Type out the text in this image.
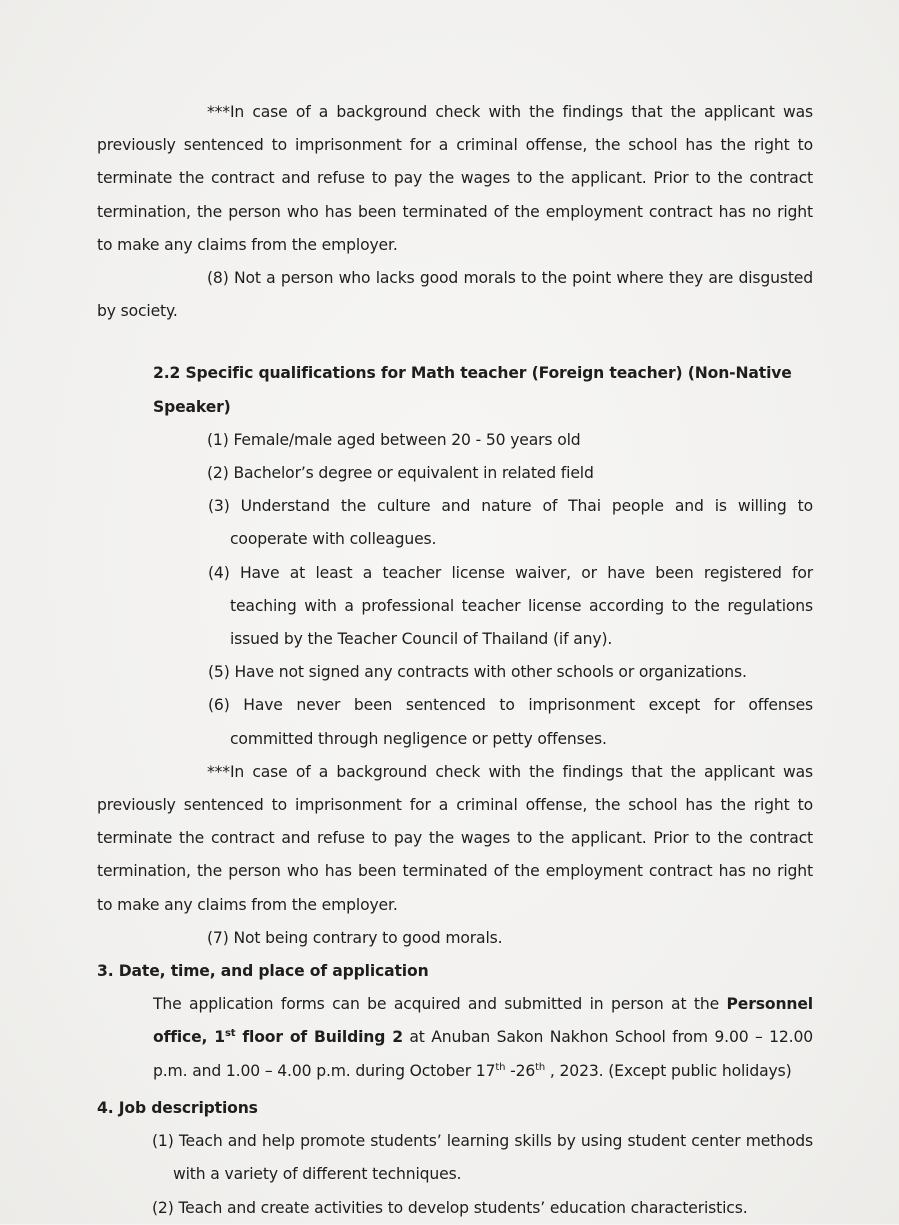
***In case of a background check with the findings that the applicant was previously sentenced to imprisonment for a criminal offense, the school has the right to terminate the contract and refuse to pay the wages to the applicant. Prior to the contract termination, the person who has been terminated of the employment contract has no right to make any claims from the employer.

(8) Not a person who lacks good morals to the point where they are disgusted by society.

2.2 Specific qualifications for Math teacher (Foreign teacher) (Non-Native Speaker)

(1) Female/male aged between 20 - 50 years old

(2) Bachelor’s degree or equivalent in related field

(3) Understand the culture and nature of Thai people and is willing to cooperate with colleagues.

(4) Have at least a teacher license waiver, or have been registered for teaching with a professional teacher license according to the regulations issued by the Teacher Council of Thailand (if any).

(5) Have not signed any contracts with other schools or organizations.

(6) Have never been sentenced to imprisonment except for offenses committed through negligence or petty offenses.

***In case of a background check with the findings that the applicant was previously sentenced to imprisonment for a criminal offense, the school has the right to terminate the contract and refuse to pay the wages to the applicant. Prior to the contract termination, the person who has been terminated of the employment contract has no right to make any claims from the employer.

(7) Not being contrary to good morals.

3. Date, time, and place of application

The application forms can be acquired and submitted in person at the Personnel office, 1st floor of Building 2 at Anuban Sakon Nakhon School from 9.00 – 12.00 p.m. and 1.00 – 4.00 p.m. during October 17th -26th , 2023. (Except public holidays)

4. Job descriptions

(1) Teach and help promote students’ learning skills by using student center methods with a variety of different techniques.

(2) Teach and create activities to develop students’ education characteristics.
